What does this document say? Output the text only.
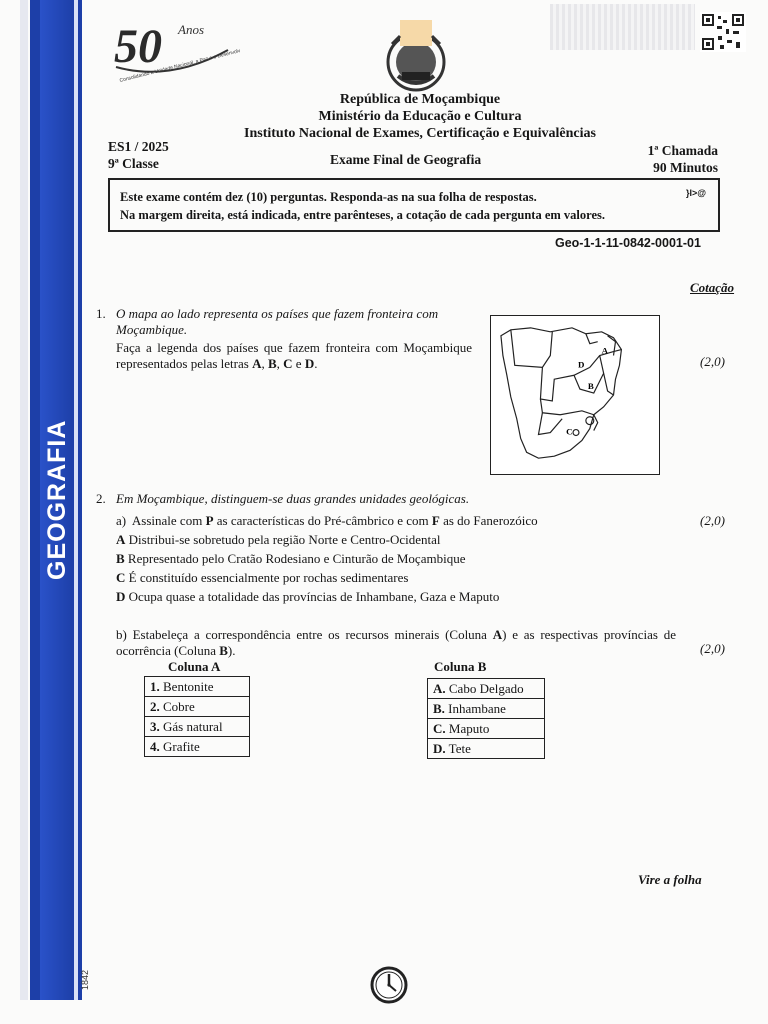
GEOGRAFIA
1842
50 Anos
Consolidando a Unidade Nacional, a Paz e o Desenvolvimento
República de Moçambique
Ministério da Educação e Cultura
Instituto Nacional de Exames, Certificação e Equivalências
ES1 / 2025
9ª Classe	Exame Final de Geografia
1ª Chamada
90 Minutos
Este exame contém dez (10) perguntas. Responda-as na sua folha de respostas.
Na margem direita, está indicada, entre parênteses, a cotação de cada pergunta em valores.
}I>@
Geo-1-1-11-0842-0001-01
Cotação
1. O mapa ao lado representa os países que fazem fronteira com Moçambique.
Faça a legenda dos países que fazem fronteira com Moçambique representados pelas letras A, B, C e D.	(2,0)
A
B
C
D
2. Em Moçambique, distinguem-se duas grandes unidades geológicas.
a) Assinale com P as características do Pré-câmbrico e com F as do Fanerozóico	(2,0)
A Distribui-se sobretudo pela região Norte e Centro-Ocidental
B Representado pelo Cratão Rodesiano e Cinturão de Moçambique
C É constituído essencialmente por rochas sedimentares
D Ocupa quase a totalidade das províncias de Inhambane, Gaza e Maputo
b) Estabeleça a correspondência entre os recursos minerais (Coluna A) e as respectivas províncias de ocorrência (Coluna B).	(2,0)
Coluna A
1. Bentonite
2. Cobre
3. Gás natural
4. Grafite
Coluna B
A. Cabo Delgado
B. Inhambane
C. Maputo
D. Tete
Vire a folha
